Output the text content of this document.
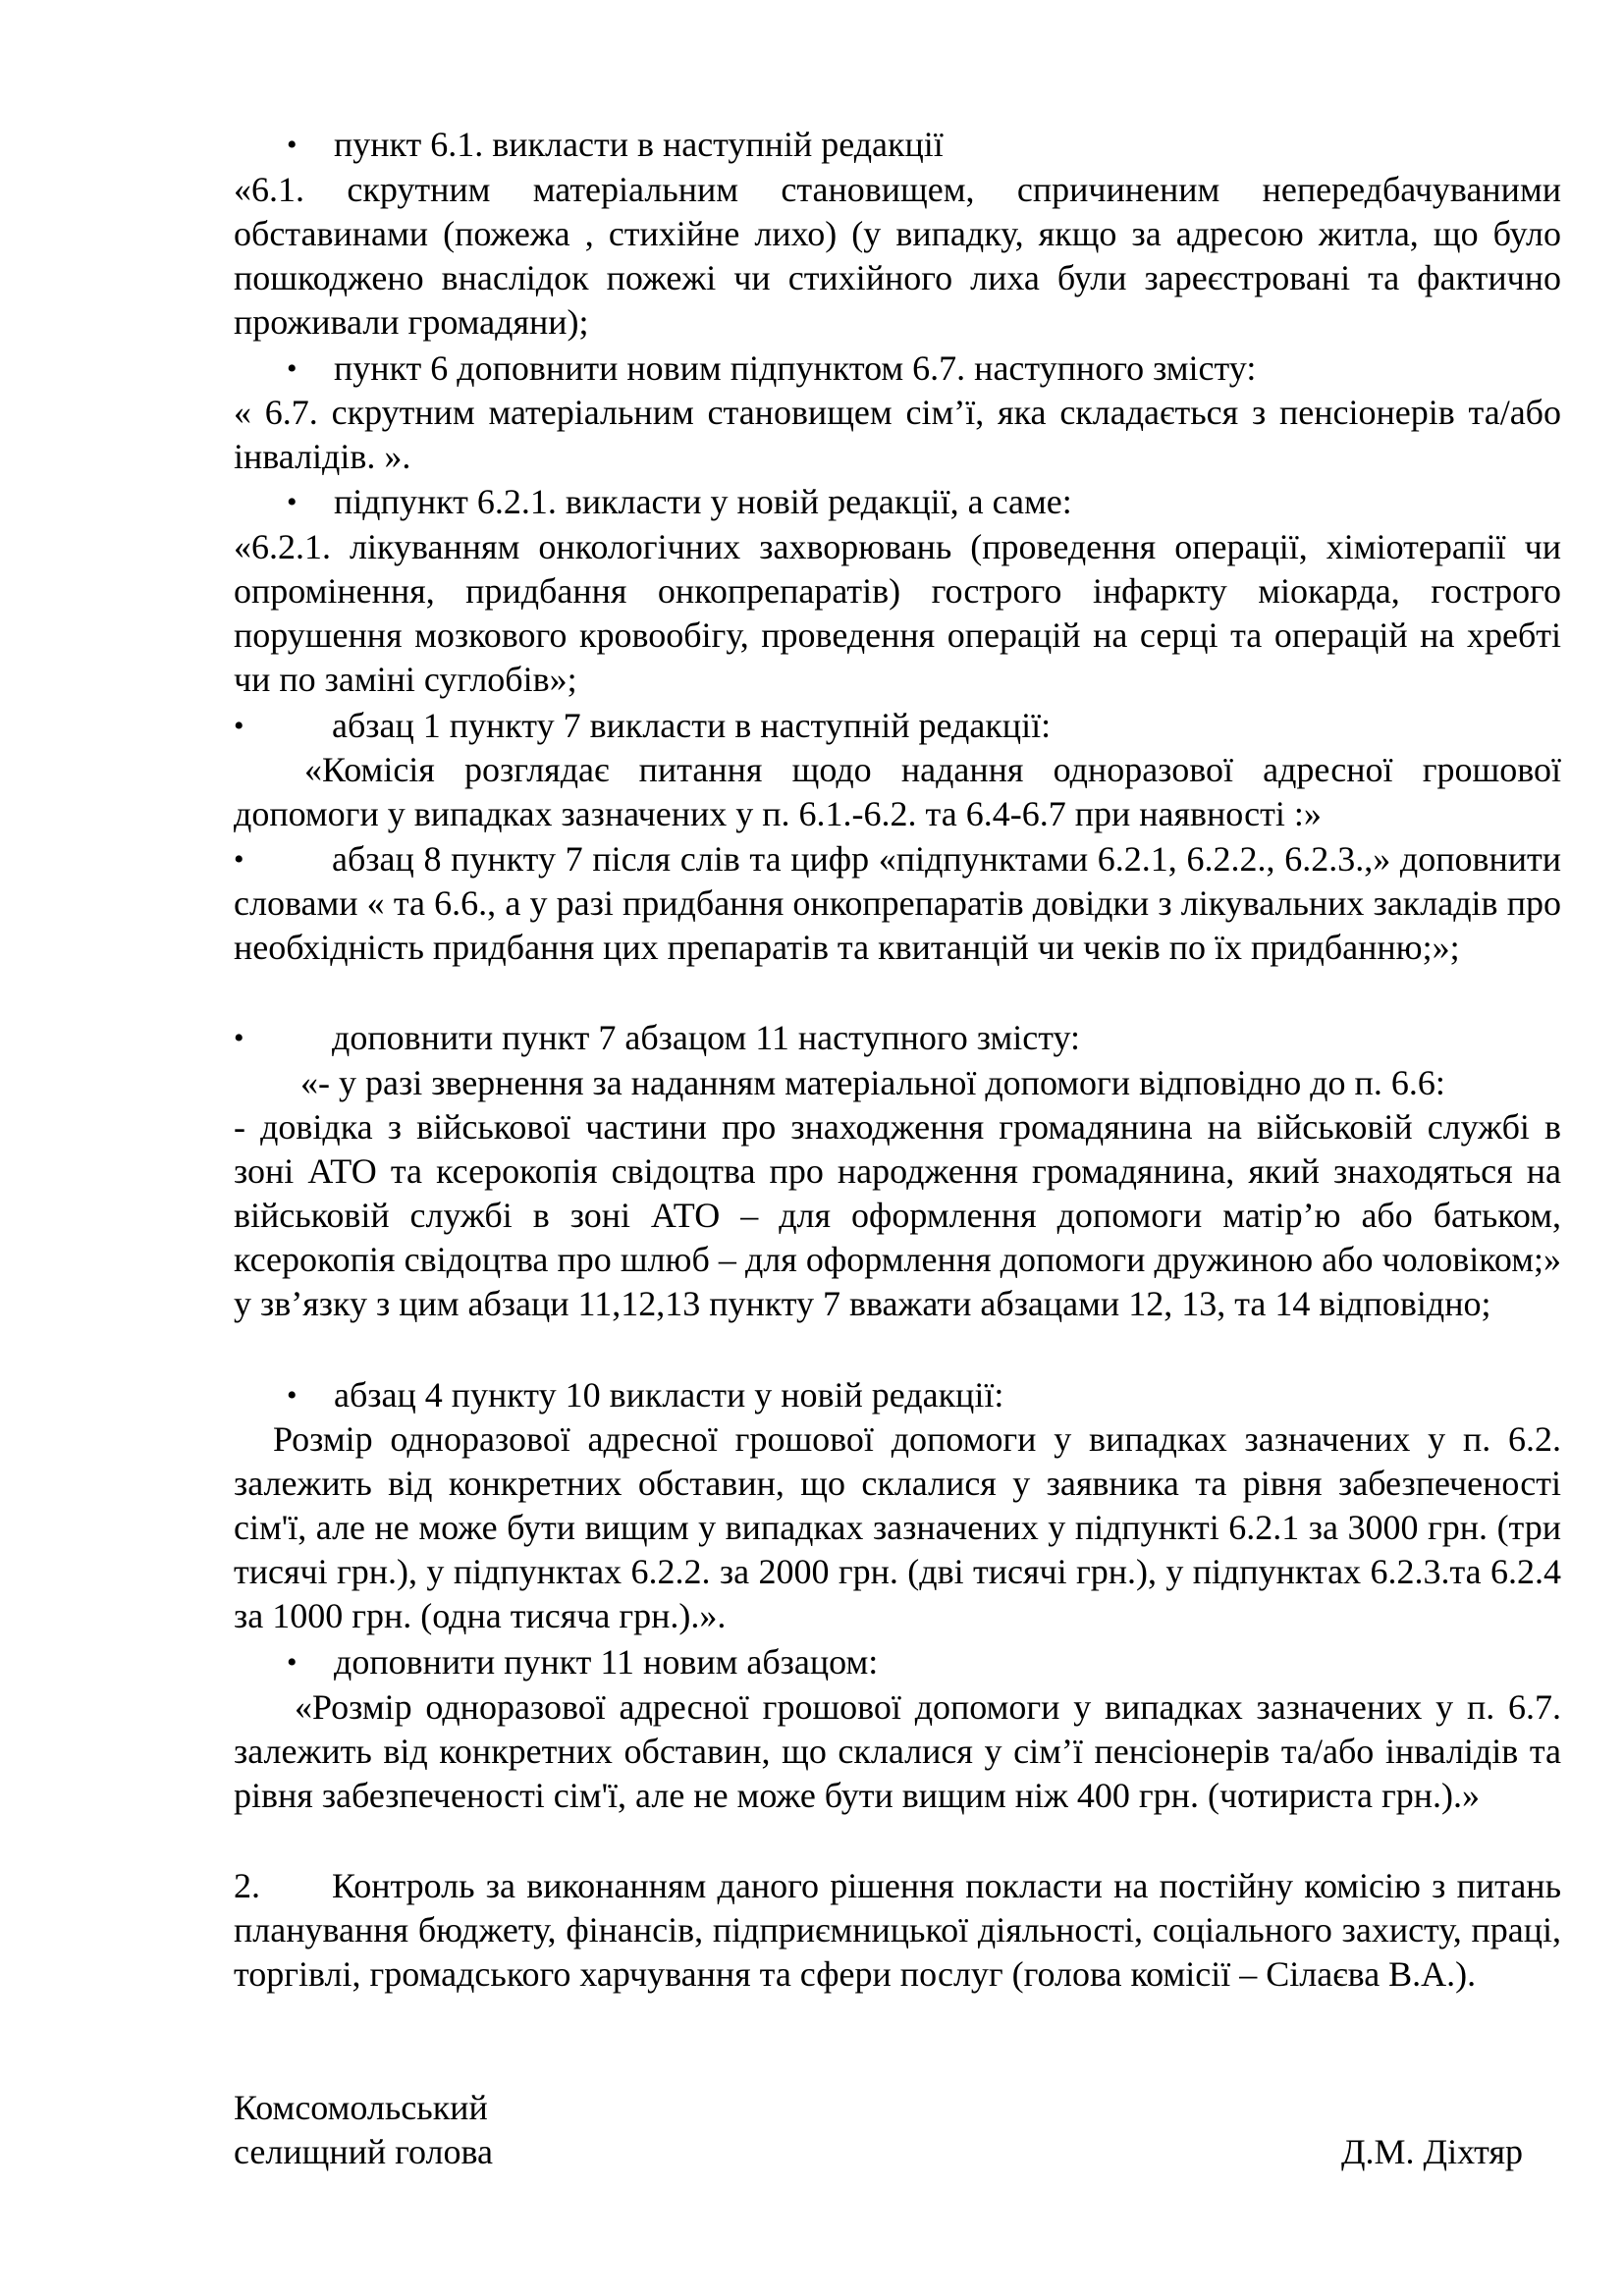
• пункт 6.1. викласти в наступній редакції
«6.1. скрутним матеріальним становищем, спричиненим непередбачуваними обставинами (пожежа , стихійне лихо) (у випадку, якщо за адресою житла, що було пошкоджено внаслідок пожежі чи стихійного лиха були зареєстровані та фактично проживали громадяни);
• пункт 6 доповнити новим підпунктом 6.7. наступного змісту:
« 6.7. скрутним матеріальним становищем сім’ї, яка складається з пенсіонерів та/або інвалідів. ».
• підпункт 6.2.1. викласти у новій редакції, а саме:
«6.2.1. лікуванням онкологічних захворювань (проведення операції, хіміотерапії чи опромінення, придбання онкопрепаратів) гострого інфаркту міокарда, гострого порушення мозкового кровообігу, проведення операцій на серці та операцій на хребті чи по заміні суглобів»;
• абзац 1 пункту 7 викласти в наступній редакції:
«Комісія розглядає питання щодо надання одноразової адресної грошової допомоги у випадках зазначених у п. 6.1.-6.2. та 6.4-6.7 при наявності :»
•	абзац 8 пункту 7 після слів та цифр «підпунктами 6.2.1, 6.2.2., 6.2.3.,» доповнити словами « та 6.6., а у разі придбання онкопрепаратів довідки з лікувальних закладів про необхідність придбання цих препаратів та квитанцій чи чеків по їх придбанню;»;
• доповнити пункт 7 абзацом 11 наступного змісту:
«- у разі звернення за наданням матеріальної допомоги відповідно до п. 6.6:
- довідка з військової частини про знаходження громадянина на військовій службі в зоні АТО та ксерокопія свідоцтва про народження громадянина, який знаходяться на військовій службі в зоні АТО – для оформлення допомоги матір’ю або батьком, ксерокопія свідоцтва про шлюб – для оформлення допомоги дружиною або чоловіком;» у зв’язку з цим абзаци 11,12,13 пункту 7 вважати абзацами 12, 13, та 14 відповідно;
• абзац 4 пункту 10 викласти у новій редакції:
Розмір одноразової адресної грошової допомоги у випадках зазначених у п. 6.2. залежить від конкретних обставин, що склалися у заявника та рівня забезпеченості сім'ї, але не може бути вищим у випадках зазначених у підпункті 6.2.1 за 3000 грн. (три тисячі грн.), у підпунктах 6.2.2. за 2000 грн. (дві тисячі грн.), у підпунктах 6.2.3.та 6.2.4 за 1000 грн. (одна тисяча грн.).».
• доповнити пункт 11 новим абзацом:
«Розмір одноразової адресної грошової допомоги у випадках зазначених у п. 6.7. залежить від конкретних обставин, що склалися у сім’ї пенсіонерів та/або інвалідів та рівня забезпеченості сім'ї, але не може бути вищим ніж 400 грн. (чотириста грн.).»
2.	Контроль за виконанням даного рішення покласти на постійну комісію з питань планування бюджету, фінансів, підприємницької діяльності, соціального захисту, праці, торгівлі, громадського харчування та сфери послуг (голова комісії – Сілаєва В.А.).
Комсомольський
селищний голова	Д.М. Діхтяр
